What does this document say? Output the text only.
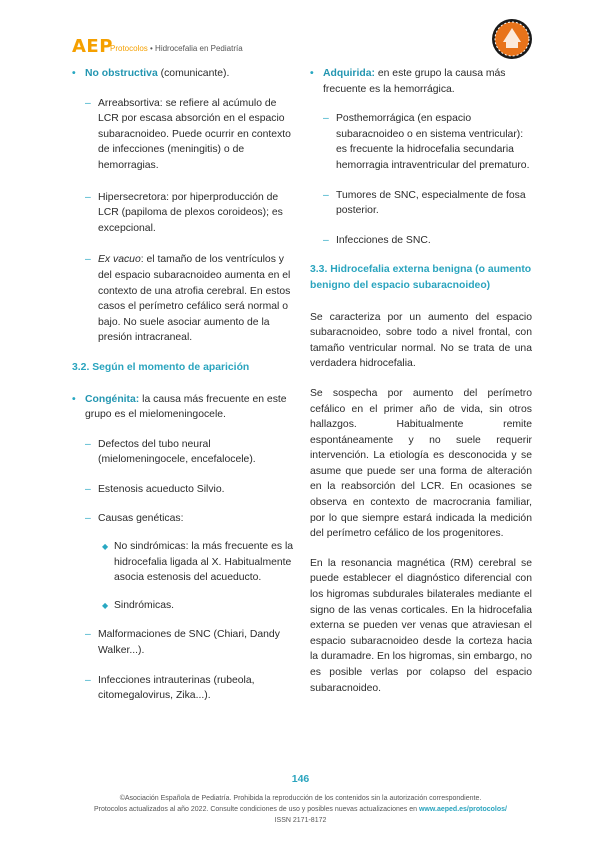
AEP
Protocolos • Hidrocefalia en Pediatría

• No obstructiva (comunicante).

– Arreabsortiva: se refiere al acúmulo de LCR por escasa absorción en el espacio subaracnoideo. Puede ocurrir en contexto de infecciones (meningitis) o de hemorragias.

– Hipersecretora: por hiperproducción de LCR (papiloma de plexos coroideos); es excepcional.

– Ex vacuo: el tamaño de los ventrículos y del espacio subaracnoideo aumenta en el contexto de una atrofia cerebral. En estos casos el perímetro cefálico será normal o bajo. No suele asociar aumento de la presión intracraneal.

3.2. Según el momento de aparición

• Congénita: la causa más frecuente en este grupo es el mielomeningocele.

– Defectos del tubo neural (mielomeningocele, encefalocele).

– Estenosis acueducto Silvio.

– Causas genéticas:

◆ No sindrómicas: la más frecuente es la hidrocefalia ligada al X. Habitualmente asocia estenosis del acueducto.

◆ Sindrómicas.

– Malformaciones de SNC (Chiari, Dandy Walker...).

– Infecciones intrauterinas (rubeola, citomegalovirus, Zika...).

• Adquirida: en este grupo la causa más frecuente es la hemorrágica.

– Posthemorrágica (en espacio subaracnoideo o en sistema ventricular): es frecuente la hidrocefalia secundaria hemorragia intraventricular del prematuro.

– Tumores de SNC, especialmente de fosa posterior.

– Infecciones de SNC.

3.3. Hidrocefalia externa benigna (o aumento benigno del espacio subaracnoideo)

Se caracteriza por un aumento del espacio subaracnoideo, sobre todo a nivel frontal, con tamaño ventricular normal. No se trata de una verdadera hidrocefalia.

Se sospecha por aumento del perímetro cefálico en el primer año de vida, sin otros hallazgos. Habitualmente remite espontáneamente y no suele requerir intervención. La etiología es desconocida y se asume que puede ser una forma de alteración en la reabsorción del LCR. En ocasiones se observa en contexto de macrocrania familiar, por lo que siempre estará indicada la medición del perímetro cefálico de los progenitores.

En la resonancia magnética (RM) cerebral se puede establecer el diagnóstico diferencial con los higromas subdurales bilaterales mediante el signo de las venas corticales. En la hidrocefalia externa se pueden ver venas que atraviesan el espacio subaracnoideo desde la corteza hacia la duramadre. En los higromas, sin embargo, no es posible verlas por colapso del espacio subaracnoideo.

146
©Asociación Española de Pediatría. Prohibida la reproducción de los contenidos sin la autorización correspondiente.
Protocolos actualizados al año 2022. Consulte condiciones de uso y posibles nuevas actualizaciones en www.aeped.es/protocolos/
ISSN 2171-8172
